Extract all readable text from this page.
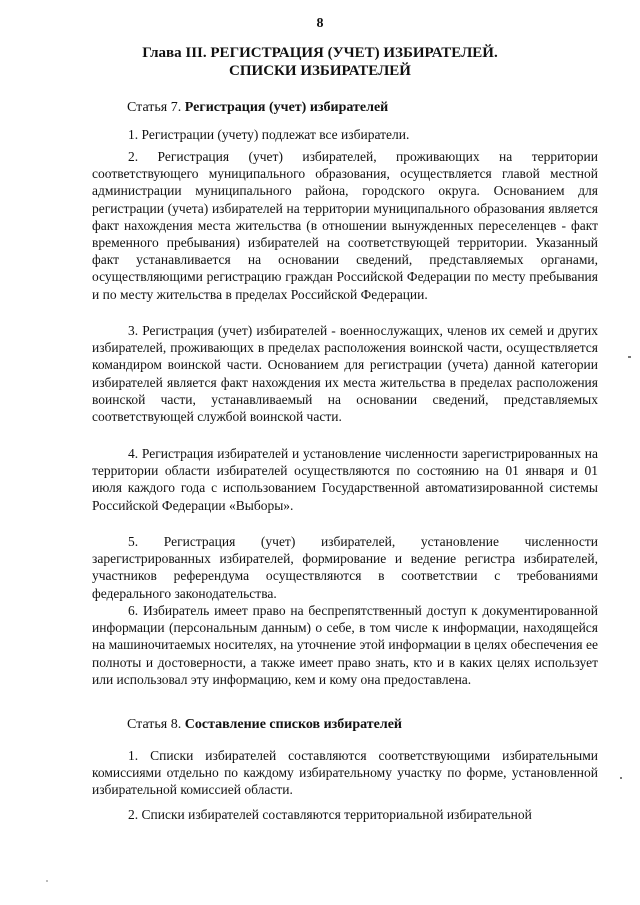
8
Глава III. РЕГИСТРАЦИЯ (УЧЕТ) ИЗБИРАТЕЛЕЙ.
СПИСКИ ИЗБИРАТЕЛЕЙ
Статья 7. Регистрация (учет) избирателей

1. Регистрации (учету) подлежат все избиратели.

2. Регистрация (учет) избирателей, проживающих на территории соответствующего муниципального образования, осуществляется главой местной администрации муниципального района, городского округа. Основанием для регистрации (учета) избирателей на территории муниципального образования является факт нахождения места жительства (в отношении вынужденных переселенцев - факт временного пребывания) избирателей на соответствующей территории. Указанный факт устанавливается на основании сведений, представляемых органами, осуществляющими регистрацию граждан Российской Федерации по месту пребывания и по месту жительства в пределах Российской Федерации.

3. Регистрация (учет) избирателей - военнослужащих, членов их семей и других избирателей, проживающих в пределах расположения воинской части, осуществляется командиром воинской части. Основанием для регистрации (учета) данной категории избирателей является факт нахождения их места жительства в пределах расположения воинской части, устанавливаемый на основании сведений, представляемых соответствующей службой воинской части.

4. Регистрация избирателей и установление численности зарегистрированных на территории области избирателей осуществляются по состоянию на 01 января и 01 июля каждого года с использованием Государственной автоматизированной системы Российской Федерации «Выборы».

5. Регистрация (учет) избирателей, установление численности зарегистрированных избирателей, формирование и ведение регистра избирателей, участников референдума осуществляются в соответствии с требованиями федерального законодательства.

6. Избиратель имеет право на беспрепятственный доступ к документированной информации (персональным данным) о себе, в том числе к информации, находящейся на машиночитаемых носителях, на уточнение этой информации в целях обеспечения ее полноты и достоверности, а также имеет право знать, кто и в каких целях использует или использовал эту информацию, кем и кому она предоставлена.

Статья 8. Составление списков избирателей

1. Списки избирателей составляются соответствующими избирательными комиссиями отдельно по каждому избирательному участку по форме, установленной избирательной комиссией области.

2. Списки избирателей составляются территориальной избирательной
